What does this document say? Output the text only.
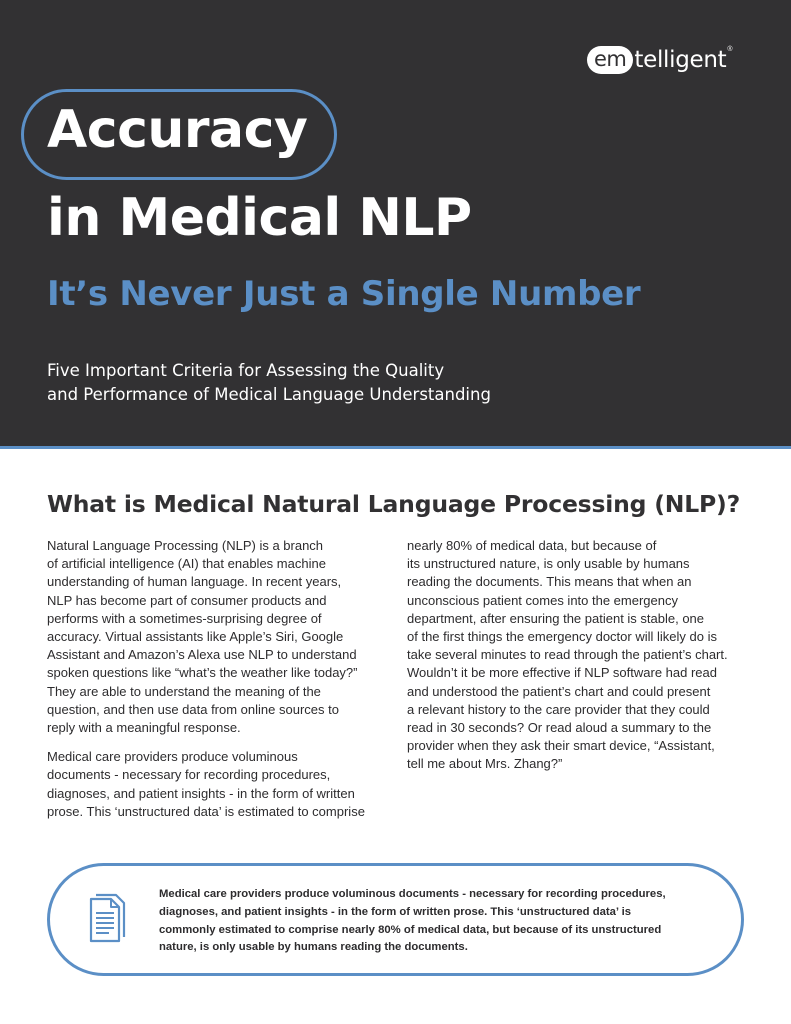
em telligent ®
Accuracy
in Medical NLP
It’s Never Just a Single Number
Five Important Criteria for Assessing the Quality
and Performance of Medical Language Understanding
What is Medical Natural Language Processing (NLP)?

Natural Language Processing (NLP) is a branch
of artificial intelligence (AI) that enables machine
understanding of human language. In recent years,
NLP has become part of consumer products and
performs with a sometimes-surprising degree of
accuracy. Virtual assistants like Apple’s Siri, Google
Assistant and Amazon’s Alexa use NLP to understand
spoken questions like “what’s the weather like today?”
They are able to understand the meaning of the
question, and then use data from online sources to
reply with a meaningful response.

Medical care providers produce voluminous
documents - necessary for recording procedures,
diagnoses, and patient insights - in the form of written
prose. This ‘unstructured data’ is estimated to comprise

nearly 80% of medical data, but because of
its unstructured nature, is only usable by humans
reading the documents. This means that when an
unconscious patient comes into the emergency
department, after ensuring the patient is stable, one
of the first things the emergency doctor will likely do is
take several minutes to read through the patient’s chart.
Wouldn’t it be more effective if NLP software had read
and understood the patient’s chart and could present
a relevant history to the care provider that they could
read in 30 seconds? Or read aloud a summary to the
provider when they ask their smart device, “Assistant,
tell me about Mrs. Zhang?”

Medical care providers produce voluminous documents - necessary for recording procedures,
diagnoses, and patient insights - in the form of written prose. This ‘unstructured data’ is
commonly estimated to comprise nearly 80% of medical data, but because of its unstructured
nature, is only usable by humans reading the documents.
